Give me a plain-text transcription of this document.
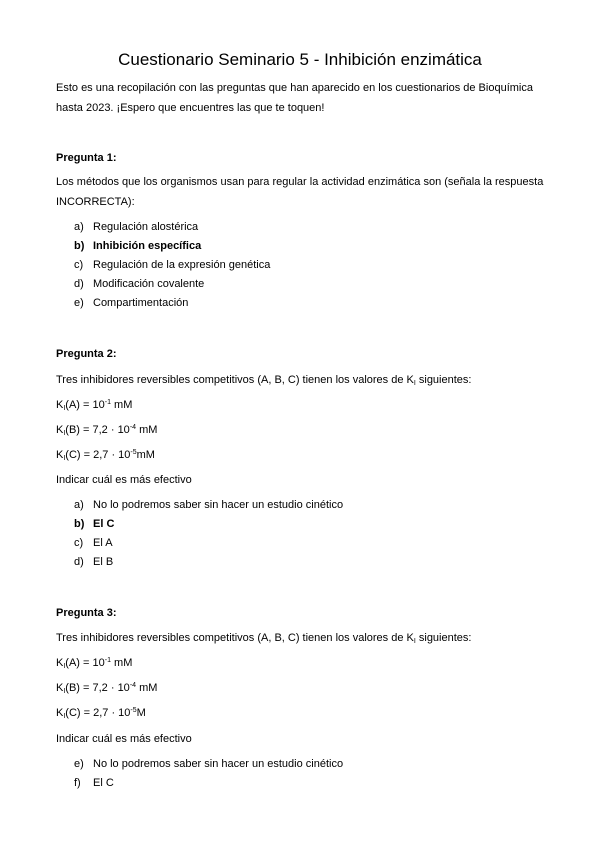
Cuestionario Seminario 5 - Inhibición enzimática
Esto es una recopilación con las preguntas que han aparecido en los cuestionarios de Bioquímica hasta 2023. ¡Espero que encuentres las que te toquen!
Pregunta 1:
Los métodos que los organismos usan para regular la actividad enzimática son (señala la respuesta INCORRECTA):
a) Regulación alostérica
b) Inhibición específica
c) Regulación de la expresión genética
d) Modificación covalente
e) Compartimentación
Pregunta 2:
Tres inhibidores reversibles competitivos (A, B, C) tienen los valores de $K_I$ siguientes:
$K_I(A) = 10^{-1}$ mM
$K_I(B) = 7,2 \cdot 10^{-4}$ mM
$K_I(C) = 2,7 \cdot 10^{-5}mM$
Indicar cuál es más efectivo
a) No lo podremos saber sin hacer un estudio cinético
b) El C
c) El A
d) El B
Pregunta 3:
Tres inhibidores reversibles competitivos (A, B, C) tienen los valores de $K_I$ siguientes:
$K_I(A) = 10^{-1}$ mM
$K_I(B) = 7,2 \cdot 10^{-4}$ mM
$K_I(C) = 2,7 \cdot 10^{-5}M$
Indicar cuál es más efectivo
e) No lo podremos saber sin hacer un estudio cinético
f) El C
